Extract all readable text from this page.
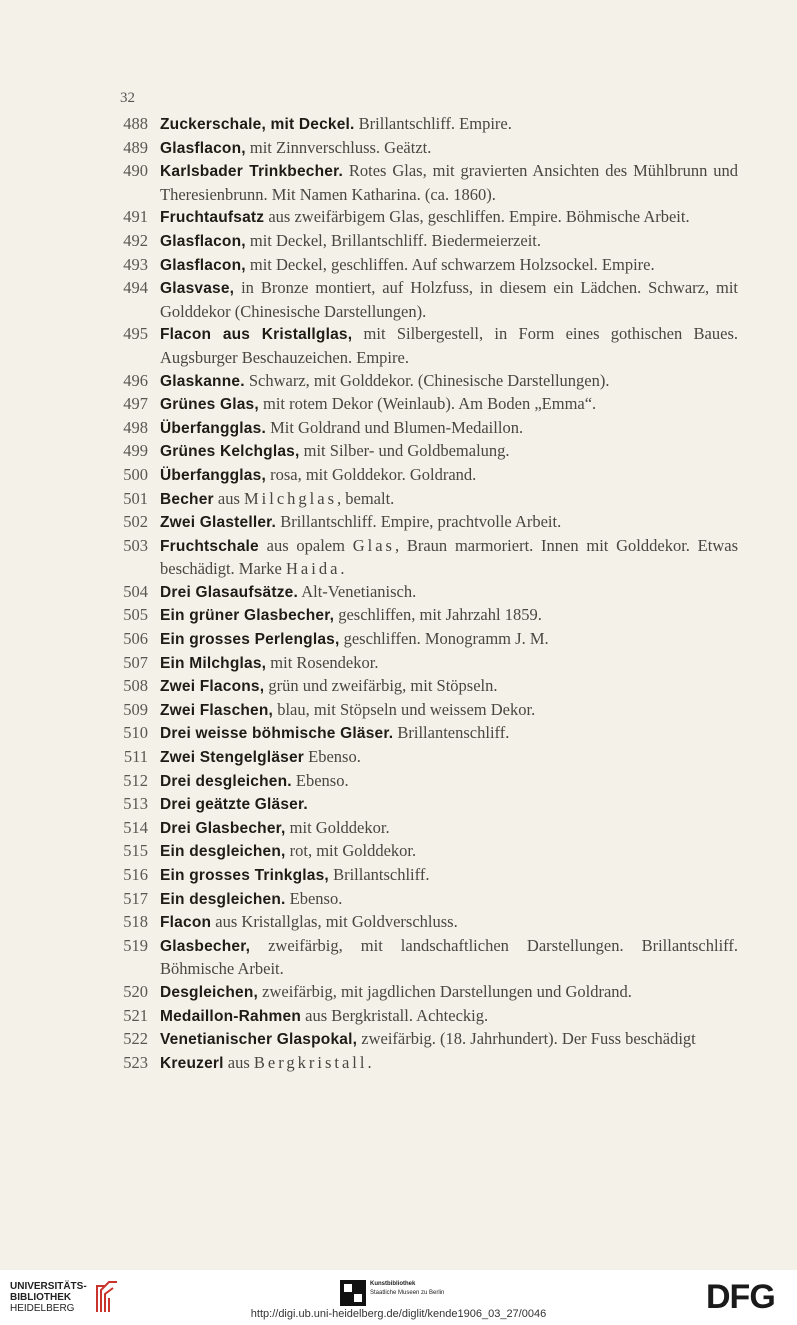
32
488 Zuckerschale, mit Deckel. Brillantschliff. Empire.
489 Glasflacon, mit Zinnverschluss. Geätzt.
490 Karlsbader Trinkbecher. Rotes Glas, mit gravierten Ansichten des Mühlbrunn und Theresienbrunn. Mit Namen Katharina. (ca. 1860).
491 Fruchtaufsatz aus zweifärbigem Glas, geschliffen. Empire. Böhmische Arbeit.
492 Glasflacon, mit Deckel, Brillantschliff. Biedermeierzeit.
493 Glasflacon, mit Deckel, geschliffen. Auf schwarzem Holzsockel. Empire.
494 Glasvase, in Bronze montiert, auf Holzfuss, in diesem ein Lädchen. Schwarz, mit Golddekor (Chinesische Darstellungen).
495 Flacon aus Kristallglas, mit Silbergestell, in Form eines gothischen Baues. Augsburger Beschauzeichen. Empire.
496 Glaskanne. Schwarz, mit Golddekor. (Chinesische Darstellungen).
497 Grünes Glas, mit rotem Dekor (Weinlaub). Am Boden „Emma“.
498 Überfangglas. Mit Goldrand und Blumen-Medaillon.
499 Grünes Kelchglas, mit Silber- und Goldbemalung.
500 Überfangglas, rosa, mit Golddekor. Goldrand.
501 Becher aus Milchglas, bemalt.
502 Zwei Glasteller. Brillantschliff. Empire, prachtvolle Arbeit.
503 Fruchtschale aus opalem Glas, Braun marmoriert. Innen mit Golddekor. Etwas beschädigt. Marke Haida.
504 Drei Glasaufsätze. Alt-Venetianisch.
505 Ein grüner Glasbecher, geschliffen, mit Jahrzahl 1859.
506 Ein grosses Perlenglas, geschliffen. Monogramm J. M.
507 Ein Milchglas, mit Rosendekor.
508 Zwei Flacons, grün und zweifärbig, mit Stöpseln.
509 Zwei Flaschen, blau, mit Stöpseln und weissem Dekor.
510 Drei weisse böhmische Gläser. Brillantenschliff.
511 Zwei Stengelgläser Ebenso.
512 Drei desgleichen. Ebenso.
513 Drei geätzte Gläser.
514 Drei Glasbecher, mit Golddekor.
515 Ein desgleichen, rot, mit Golddekor.
516 Ein grosses Trinkglas, Brillantschliff.
517 Ein desgleichen. Ebenso.
518 Flacon aus Kristallglas, mit Goldverschluss.
519 Glasbecher, zweifärbig, mit landschaftlichen Darstellungen. Brillantschliff. Böhmische Arbeit.
520 Desgleichen, zweifärbig, mit jagdlichen Darstellungen und Goldrand.
521 Medaillon-Rahmen aus Bergkristall. Achteckig.
522 Venetianischer Glaspokal, zweifärbig. (18. Jahrhundert). Der Fuss beschädigt
523 Kreuzerl aus Bergkristall.
UNIVERSITÄTS-
BIBLIOTHEK
HEIDELBERG
Kunstbibliothek
Staatliche Museen zu Berlin	DFG
http://digi.ub.uni-heidelberg.de/diglit/kende1906_03_27/0046
